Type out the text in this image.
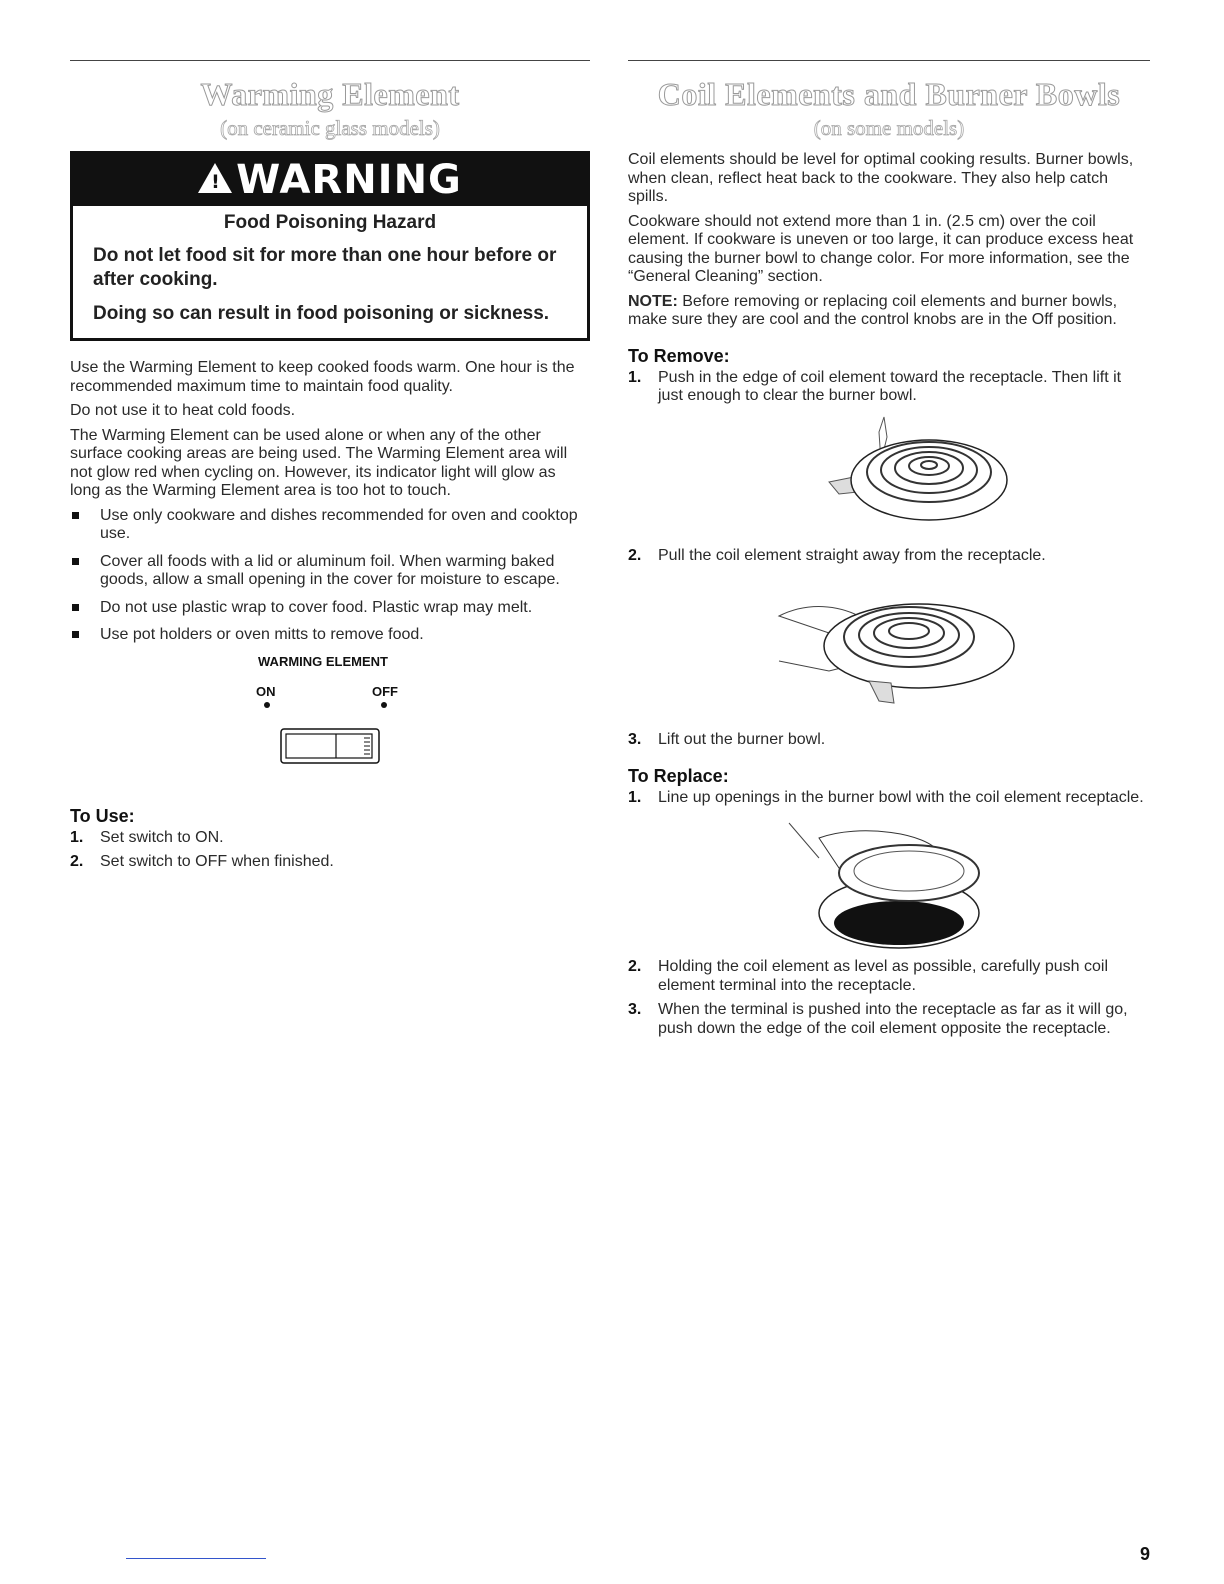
Warming Element
(on ceramic glass models)
! WARNING

Food Poisoning Hazard

Do not let food sit for more than one hour before or after cooking.

Doing so can result in food poisoning or sickness.

Use the Warming Element to keep cooked foods warm. One hour is the recommended maximum time to maintain food quality.

Do not use it to heat cold foods.

The Warming Element can be used alone or when any of the other surface cooking areas are being used. The Warming Element area will not glow red when cycling on. However, its indicator light will glow as long as the Warming Element area is too hot to touch.

Use only cookware and dishes recommended for oven and cooktop use.
Cover all foods with a lid or aluminum foil. When warming baked goods, allow a small opening in the cover for moisture to escape.
Do not use plastic wrap to cover food. Plastic wrap may melt.
Use pot holders or oven mitts to remove food.
WARMING ELEMENT
ON	OFF
To Use:
1. Set switch to ON.
2. Set switch to OFF when finished.
Coil Elements and Burner Bowls
(on some models)

Coil elements should be level for optimal cooking results. Burner bowls, when clean, reflect heat back to the cookware. They also help catch spills.

Cookware should not extend more than 1 in. (2.5 cm) over the coil element. If cookware is uneven or too large, it can produce excess heat causing the burner bowl to change color. For more information, see the “General Cleaning” section.

NOTE: Before removing or replacing coil elements and burner bowls, make sure they are cool and the control knobs are in the Off position.

To Remove:
1. Push in the edge of coil element toward the receptacle. Then lift it just enough to clear the burner bowl.
2. Pull the coil element straight away from the receptacle.
3. Lift out the burner bowl.
To Replace:
1. Line up openings in the burner bowl with the coil element receptacle.
2. Holding the coil element as level as possible, carefully push coil element terminal into the receptacle.
3. When the terminal is pushed into the receptacle as far as it will go, push down the edge of the coil element opposite the receptacle.
9
